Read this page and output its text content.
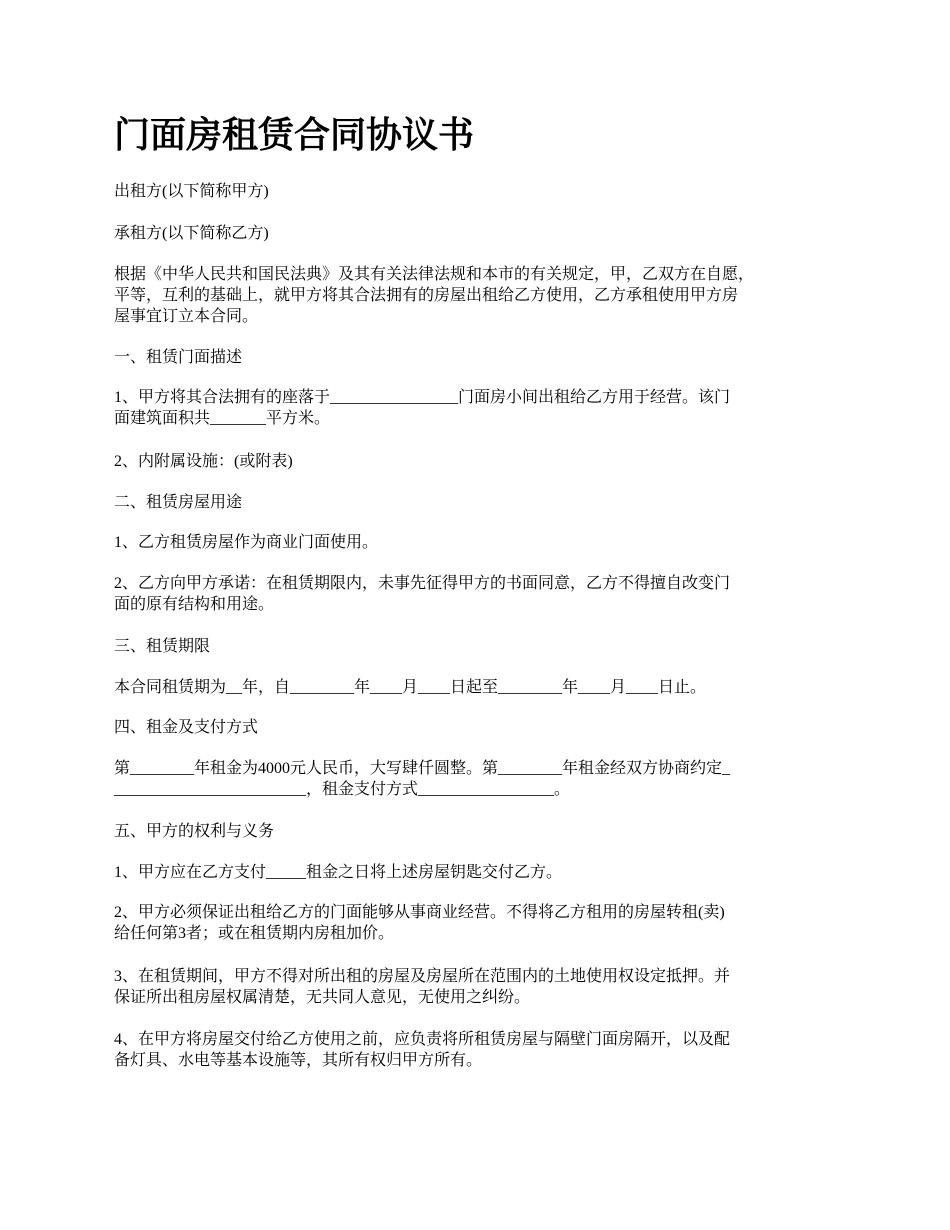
门面房租赁合同协议书

出租方(以下简称甲方)

承租方(以下简称乙方)

根据《中华人民共和国民法典》及其有关法律法规和本市的有关规定，甲，乙双方在自愿，
平等，互利的基础上，就甲方将其合法拥有的房屋出租给乙方使用，乙方承租使用甲方房
屋事宜订立本合同。

一、租赁门面描述

1、甲方将其合法拥有的座落于________________门面房小间出租给乙方用于经营。该门
面建筑面积共_______平方米。

2、内附属设施：(或附表)

二、租赁房屋用途

1、乙方租赁房屋作为商业门面使用。

2、乙方向甲方承诺：在租赁期限内，未事先征得甲方的书面同意，乙方不得擅自改变门
面的原有结构和用途。

三、租赁期限

本合同租赁期为__年，自________年____月____日起至________年____月____日止。

四、租金及支付方式

第________年租金为4000元人民币，大写肆仟圆整。第________年租金经双方协商约定_
________________________，租金支付方式_________________。

五、甲方的权利与义务

1、甲方应在乙方支付_____租金之日将上述房屋钥匙交付乙方。

2、甲方必须保证出租给乙方的门面能够从事商业经营。不得将乙方租用的房屋转租(卖)
给任何第3者；或在租赁期内房租加价。

3、在租赁期间，甲方不得对所出租的房屋及房屋所在范围内的土地使用权设定抵押。并
保证所出租房屋权属清楚，无共同人意见，无使用之纠纷。

4、在甲方将房屋交付给乙方使用之前，应负责将所租赁房屋与隔壁门面房隔开，以及配
备灯具、水电等基本设施等，其所有权归甲方所有。
